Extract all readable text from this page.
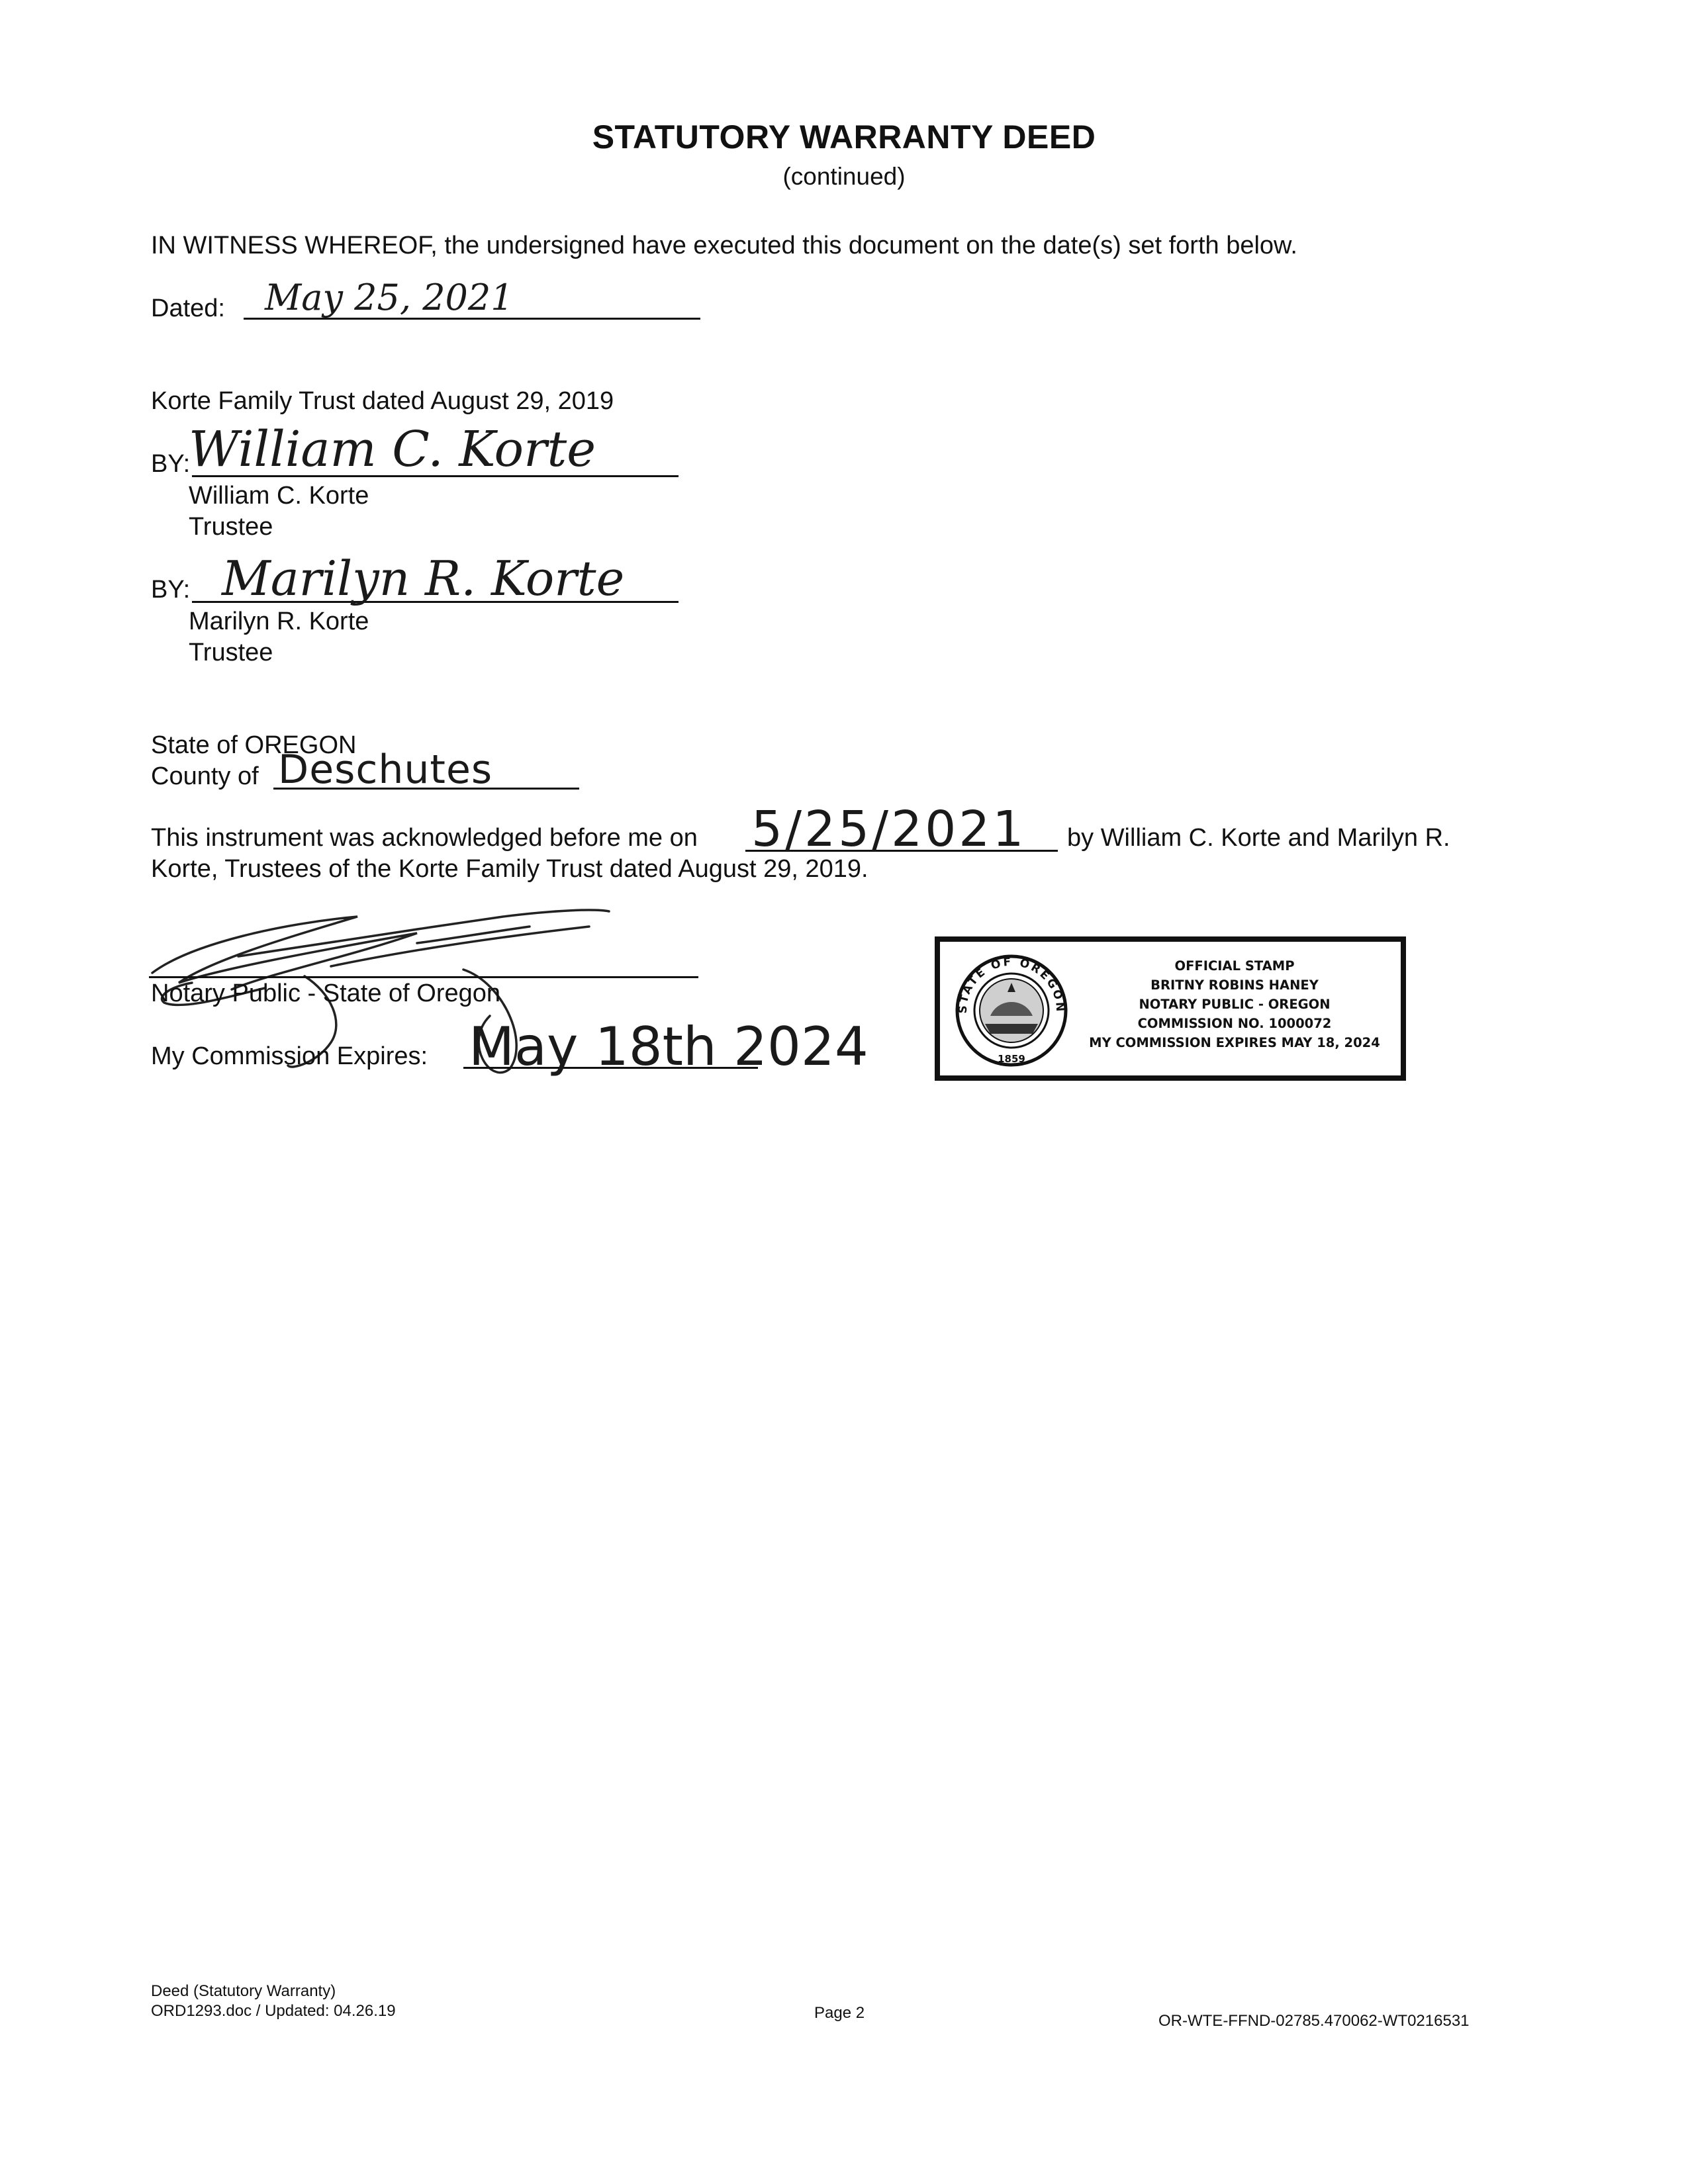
STATUTORY WARRANTY DEED
(continued)
IN WITNESS WHEREOF, the undersigned have executed this document on the date(s) set forth below.
Dated: May 25, 2021
Korte Family Trust dated August 29, 2019
BY:
William C. Korte
William C. Korte
Trustee
BY: Marilyn R. Korte
Marilyn R. Korte
Trustee
State of OREGON
County of Deschutes
This instrument was acknowledged before me on 5/25/2021 by William C. Korte and Marilyn R.
Korte, Trustees of the Korte Family Trust dated August 29, 2019.
Notary Public - State of Oregon
My Commission Expires: May 18th 2024
STATE OF OREGON
1859
OFFICIAL STAMP
BRITNY ROBINS HANEY
NOTARY PUBLIC - OREGON
COMMISSION NO. 1000072
MY COMMISSION EXPIRES MAY 18, 2024
Deed (Statutory Warranty)
ORD1293.doc / Updated: 04.26.19	Page 2	OR-WTE-FFND-02785.470062-WT0216531
